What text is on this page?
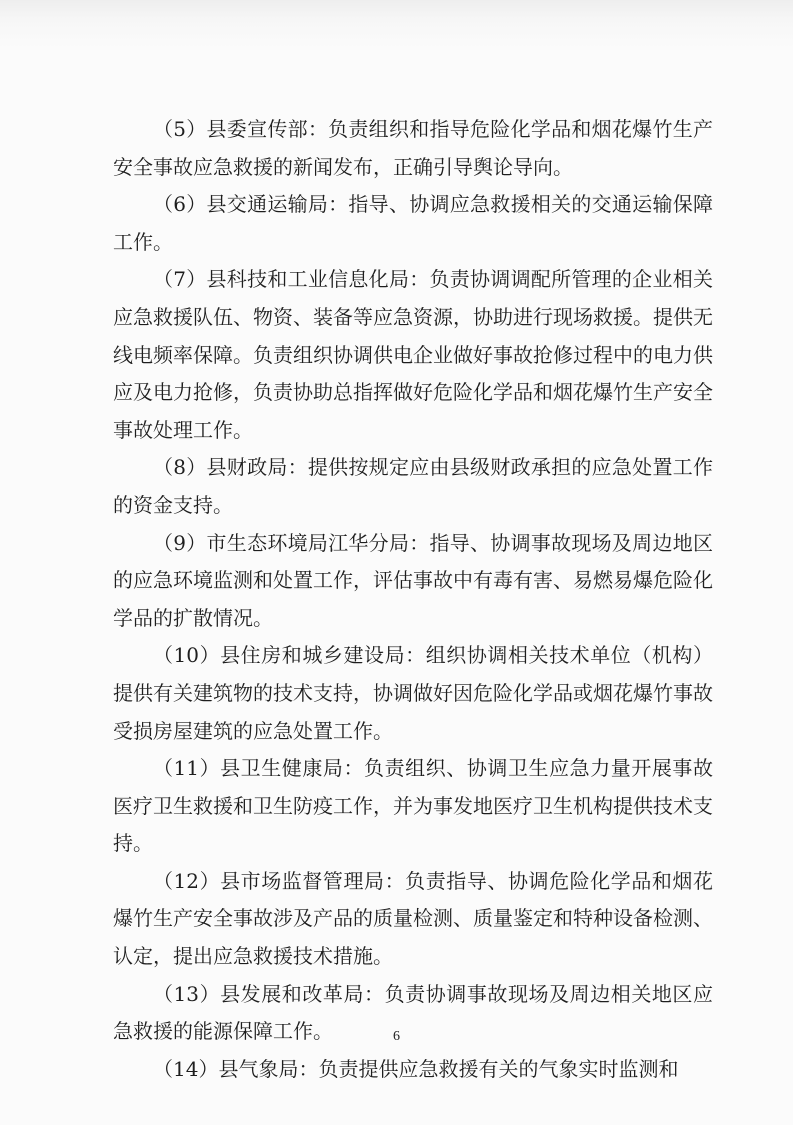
（5）县委宣传部：负责组织和指导危险化学品和烟花爆竹生产安全事故应急救援的新闻发布，正确引导舆论导向。

（6）县交通运输局：指导、协调应急救援相关的交通运输保障工作。

（7）县科技和工业信息化局：负责协调调配所管理的企业相关应急救援队伍、物资、装备等应急资源，协助进行现场救援。提供无线电频率保障。负责组织协调供电企业做好事故抢修过程中的电力供应及电力抢修，负责协助总指挥做好危险化学品和烟花爆竹生产安全事故处理工作。

（8）县财政局：提供按规定应由县级财政承担的应急处置工作的资金支持。

（9）市生态环境局江华分局：指导、协调事故现场及周边地区的应急环境监测和处置工作，评估事故中有毒有害、易燃易爆危险化学品的扩散情况。

（10）县住房和城乡建设局：组织协调相关技术单位（机构）提供有关建筑物的技术支持，协调做好因危险化学品或烟花爆竹事故受损房屋建筑的应急处置工作。

（11）县卫生健康局：负责组织、协调卫生应急力量开展事故医疗卫生救援和卫生防疫工作，并为事发地医疗卫生机构提供技术支持。

（12）县市场监督管理局：负责指导、协调危险化学品和烟花爆竹生产安全事故涉及产品的质量检测、质量鉴定和特种设备检测、认定，提出应急救援技术措施。

（13）县发展和改革局：负责协调事故现场及周边相关地区应急救援的能源保障工作。

（14）县气象局：负责提供应急救援有关的气象实时监测和

6
